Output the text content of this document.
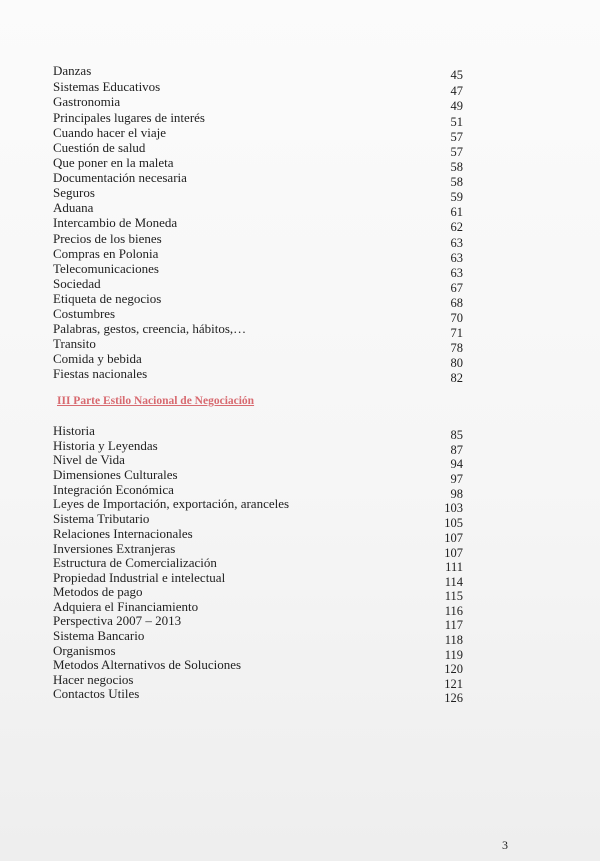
Danzas	45
Sistemas Educativos	47
Gastronomia	49
Principales lugares de interés	51
Cuando hacer el viaje	57
Cuestión de salud	57
Que poner en la maleta	58
Documentación necesaria	58
Seguros	59
Aduana	61
Intercambio de Moneda	62
Precios de los bienes	63
Compras en Polonia	63
Telecomunicaciones	63
Sociedad	67
Etiqueta de negocios	68
Costumbres	70
Palabras, gestos, creencia, hábitos,…	71
Transito	78
Comida y bebida	80
Fiestas nacionales	82
III Parte Estilo Nacional de Negociación
Historia	85
Historia y Leyendas	87
Nivel de Vida	94
Dimensiones Culturales	97
Integración Económica	98
Leyes de Importación, exportación, aranceles	103
Sistema Tributario	105
Relaciones Internacionales	107
Inversiones Extranjeras	107
Estructura de Comercialización	111
Propiedad Industrial e intelectual	114
Metodos de pago	115
Adquiera el Financiamiento	116
Perspectiva 2007 – 2013	117
Sistema Bancario	118
Organismos	119
Metodos Alternativos de Soluciones	120
Hacer negocios	121
Contactos Utiles	126
3
